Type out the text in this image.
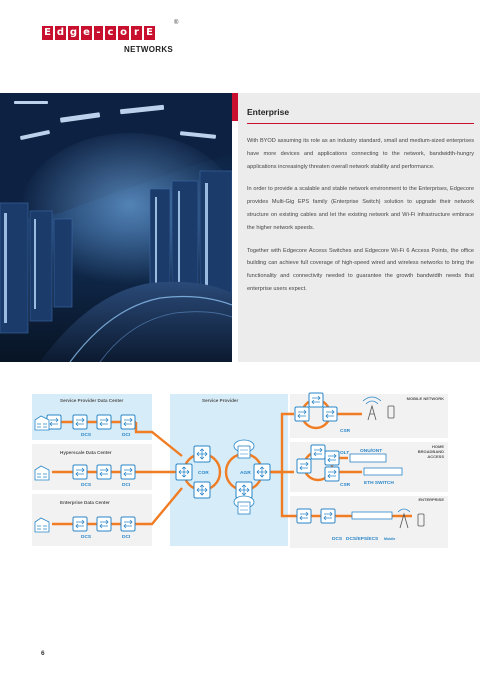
E d g e - c o r E
®
NETWORKS
Enterprise

With BYOD assuming its role as an industry standard, small and medium-sized enterprises have more devices and applications connecting to the network, bandwidth-hungry applications increasingly threaten overall network stability and performance.

In order to provide a scalable and stable network environment to the Enterprises, Edgecore provides Multi-Gig EPS family (Enterprise Switch) solution to upgrade their network structure on existing cables and let the existing network and Wi-Fi infrastructure embrace the higher network speeds.

Together with Edgecore Access Switches and Edgecore Wi-Fi 6 Access Points, the office building can achieve full coverage of high-speed wired and wireless networks to bring the functionality and connectivity needed to guarantee the growth bandwidth needs that enterprise users expect.

Service Provider Data Center	Service Provider
Hyperscale Data Center
Enterprise Data Center
MOBILE NETWORK
HOME
BROADBAND
ACCESS
ENTERPRISE
DCS	DCI
DCS	DCI
DCS	DCI
COR	AGR
CSR
OLT ONU/ONT
CSR	ETH SWITCH
DCS DCS/EPS/ECS Mobile
6
